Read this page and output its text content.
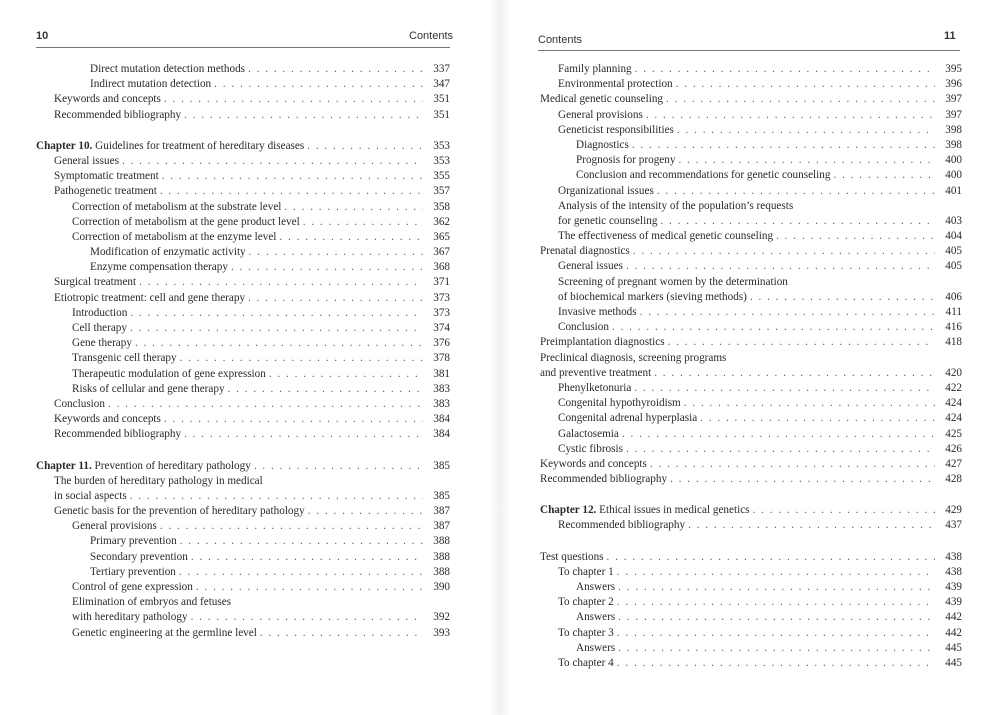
10	Contents
Direct mutation detection methods . . .	337
Indirect mutation detection . . .	347
Keywords and concepts . . .	351
Recommended bibliography . . .	351
Chapter 10. Guidelines for treatment of hereditary diseases . . .	353
General issues . . .	353
Symptomatic treatment . . .	355
Pathogenetic treatment . . .	357
Correction of metabolism at the substrate level . . .	358
Correction of metabolism at the gene product level . . .	362
Correction of metabolism at the enzyme level . . .	365
Modification of enzymatic activity . . .	367
Enzyme compensation therapy . . .	368
Surgical treatment . . .	371
Etiotropic treatment: cell and gene therapy . . .	373
Introduction . . .	373
Cell therapy . . .	374
Gene therapy . . .	376
Transgenic cell therapy . . .	378
Therapeutic modulation of gene expression . . .	381
Risks of cellular and gene therapy . . .	383
Conclusion . . .	383
Keywords and concepts . . .	384
Recommended bibliography . . .	384
Chapter 11. Prevention of hereditary pathology . . .	385
The burden of hereditary pathology in medical
in social aspects . . .	385
Genetic basis for the prevention of hereditary pathology . . .	387
General provisions . . .	387
Primary prevention . . .	388
Secondary prevention . . .	388
Tertiary prevention . . .	388
Control of gene expression . . .	390
Elimination of embryos and fetuses
with hereditary pathology . . .	392
Genetic engineering at the germline level . . .	393
Contents	11
Family planning . . .	395
Environmental protection . . .	396
Medical genetic counseling . . .	397
General provisions . . .	397
Geneticist responsibilities . . .	398
Diagnostics . . .	398
Prognosis for progeny . . .	400
Conclusion and recommendations for genetic counseling . . .	400
Organizational issues . . .	401
Analysis of the intensity of the population’s requests
for genetic counseling . . .	403
The effectiveness of medical genetic counseling . . .	404
Prenatal diagnostics . . .	405
General issues . . .	405
Screening of pregnant women by the determination
of biochemical markers (sieving methods) . . .	406
Invasive methods . . .	411
Conclusion . . .	416
Preimplantation diagnostics . . .	418
Preclinical diagnosis, screening programs
and preventive treatment . . .	420
Phenylketonuria . . .	422
Congenital hypothyroidism . . .	424
Congenital adrenal hyperplasia . . .	424
Galactosemia . . .	425
Cystic fibrosis . . .	426
Keywords and concepts . . .	427
Recommended bibliography . . .	428
Chapter 12. Ethical issues in medical genetics . . .	429
Recommended bibliography . . .	437
Test questions . . .	438
To chapter 1 . . .	438
Answers . . .	439
To chapter 2 . . .	439
Answers . . .	442
To chapter 3 . . .	442
Answers . . .	445
To chapter 4 . . .	445
